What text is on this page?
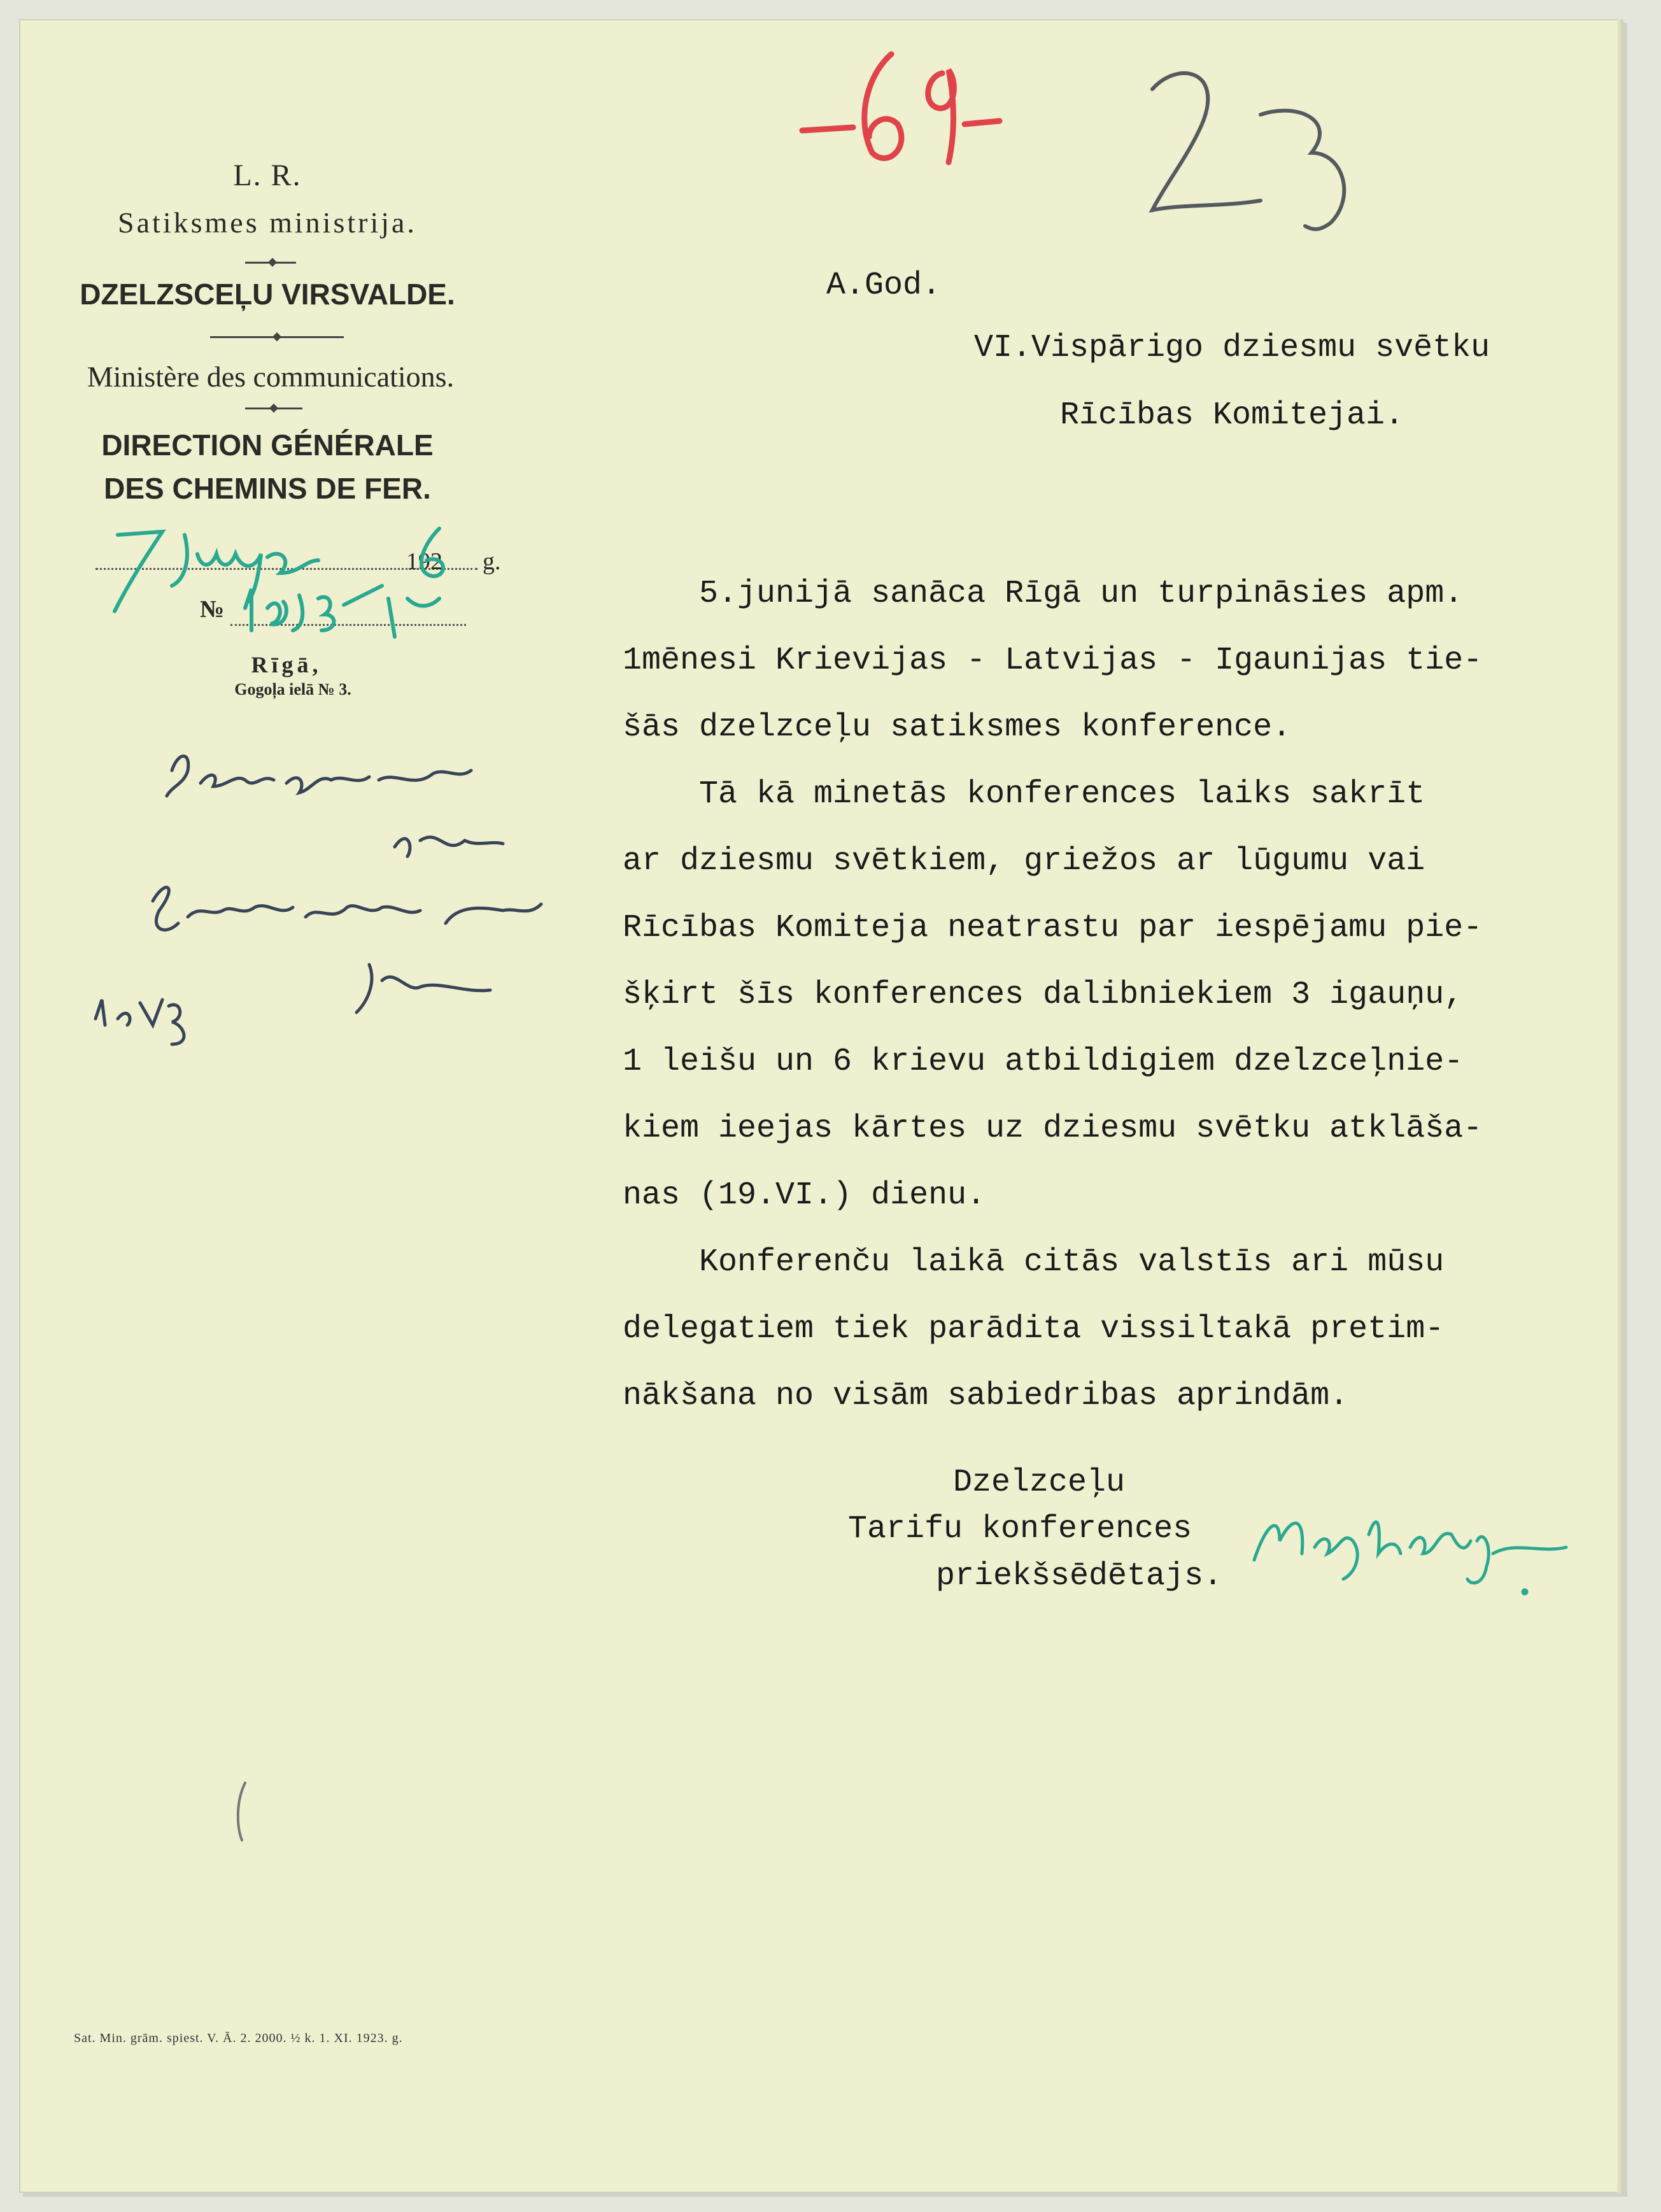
L. R.
Satiksmes ministrija.
DZELZSCEĻU VIRSVALDE.
Ministère des communications.
DIRECTION GÉNÉRALE
DES CHEMINS DE FER.
192 g.
№
Rīgā,
Gogoļa ielā № 3.
A.God.
VI.Vispārigo dziesmu svētku
Rīcības Komitejai.
5.junijā sanāca Rīgā un turpināsies apm.
1mēnesi Krievijas - Latvijas - Igaunijas tie-
šās dzelzceļu satiksmes konference.
Tā kā minetās konferences laiks sakrīt
ar dziesmu svētkiem, griežos ar lūgumu vai
Rīcības Komiteja neatrastu par iespējamu pie-
šķirt šīs konferences dalibniekiem 3 igauņu,
1 leišu un 6 krievu atbildigiem dzelzceļnie-
kiem ieejas kārtes uz dziesmu svētku atklāša-
nas (19.VI.) dienu.
Konferenču laikā citās valstīs ari mūsu
delegatiem tiek parādita vissiltakā pretim-
nākšana no visām sabiedribas aprindām.
Dzelzceļu
Tarifu konferences
priekšsēdētajs.
Sat. Min. grām. spiest. V. Ā. 2. 2000. ½ k. 1. XI. 1923. g.
